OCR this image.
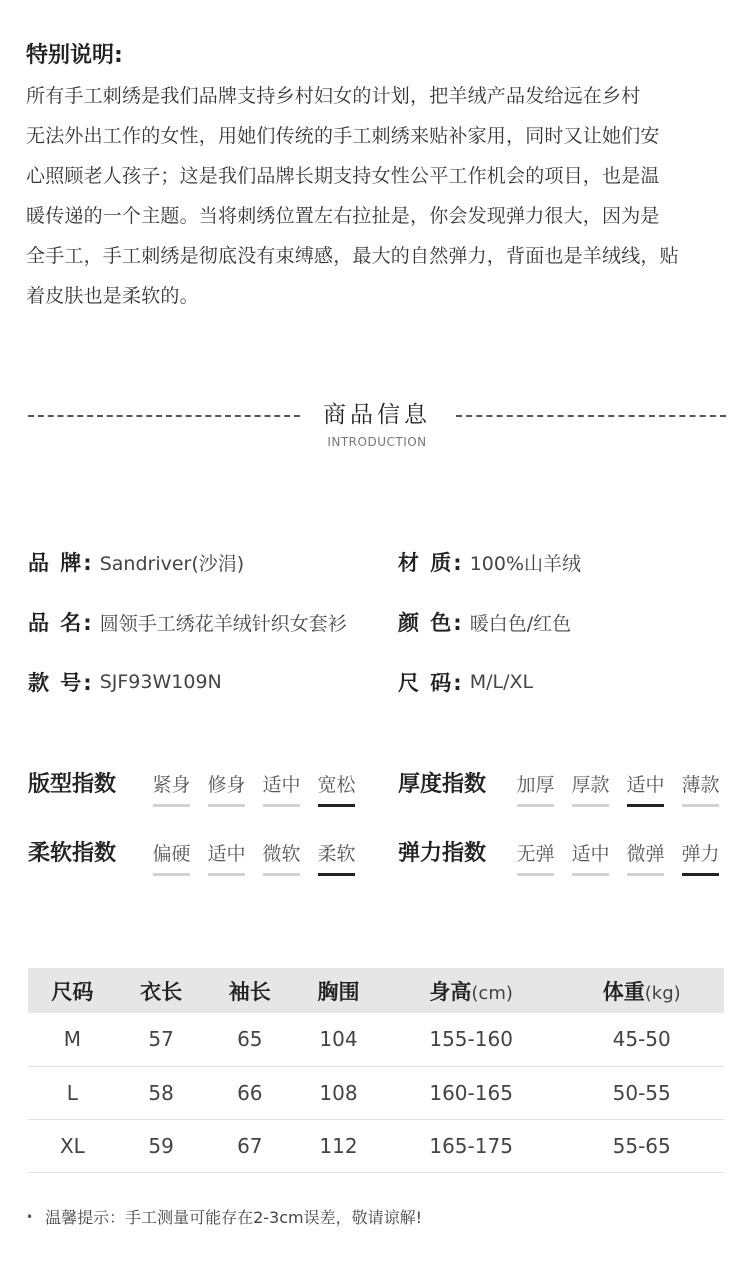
特别说明:
所有手工刺绣是我们品牌支持乡村妇女的计划，把羊绒产品发给远在乡村
无法外出工作的女性，用她们传统的手工刺绣来贴补家用，同时又让她们安
心照顾老人孩子；这是我们品牌长期支持女性公平工作机会的项目，也是温
暖传递的一个主题。当将刺绣位置左右拉扯是，你会发现弹力很大，因为是
全手工，手工刺绣是彻底没有束缚感，最大的自然弹力，背面也是羊绒线，贴
着皮肤也是柔软的。
商品信息
INTRODUCTION
品 牌: Sandriver(沙涓)	材 质: 100%山羊绒
品 名: 圆领手工绣花羊绒针织女套衫 颜 色: 暖白色/红色
款 号: SJF93W109N	尺 码: M/L/XL
版型指数	紧身 修身 适中 宽松	厚度指数	加厚 厚款 适中 薄款
柔软指数	偏硬 适中 微软 柔软	弹力指数	无弹 适中 微弹 弹力
尺码	衣长	袖长	胸围	身高(cm)	体重(kg)
M	57	65	104	155-160	45-50
L	58	66	108	160-165	50-55
XL	59	67	112	165-175	55-65
• 温馨提示：手工测量可能存在2-3cm误差，敬请谅解!
